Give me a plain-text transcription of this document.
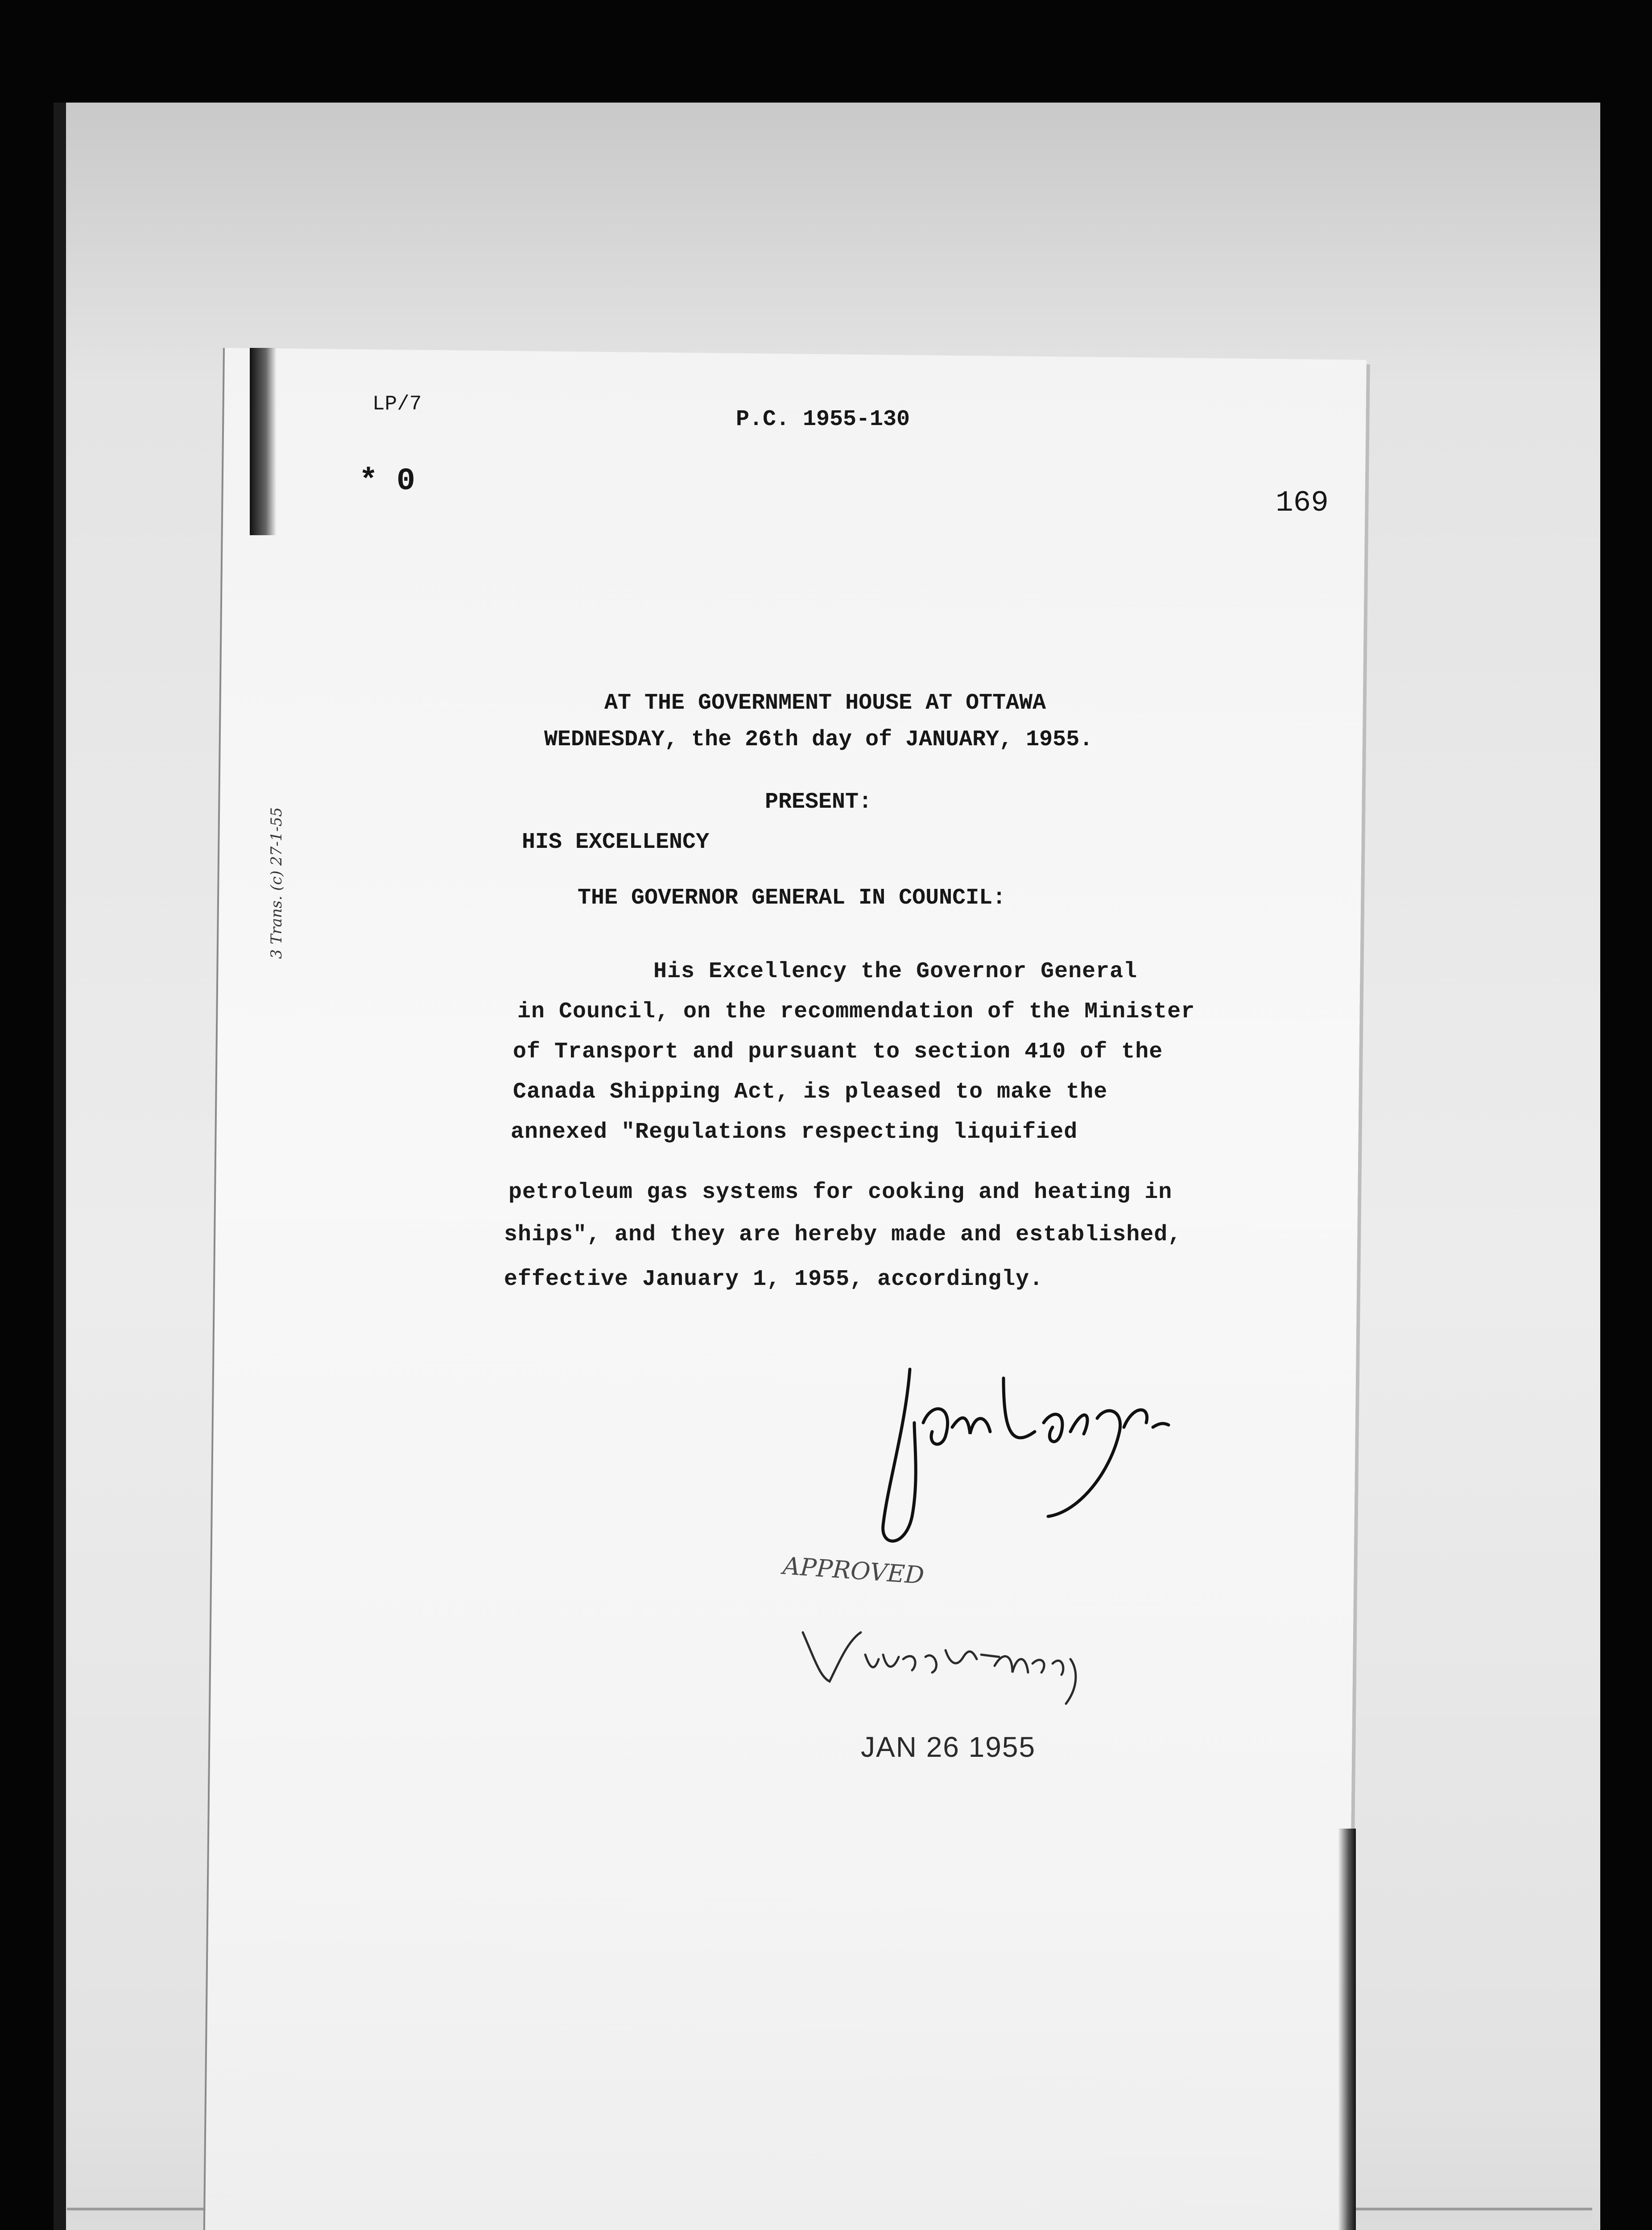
LP/7
P.C. 1955-130
* 0
169
AT THE GOVERNMENT HOUSE AT OTTAWA
WEDNESDAY, the 26th day of JANUARY, 1955.
PRESENT:
HIS EXCELLENCY
THE GOVERNOR GENERAL IN COUNCIL:
His Excellency the Governor General
in Council, on the recommendation of the Minister
of Transport and pursuant to section 410 of the
Canada Shipping Act, is pleased to make the
annexed "Regulations respecting liquified
petroleum gas systems for cooking and heating in
ships", and they are hereby made and established,
effective January 1, 1955, accordingly.
APPROVED
JAN 26 1955
3 Trans. (c) 27-1-55
